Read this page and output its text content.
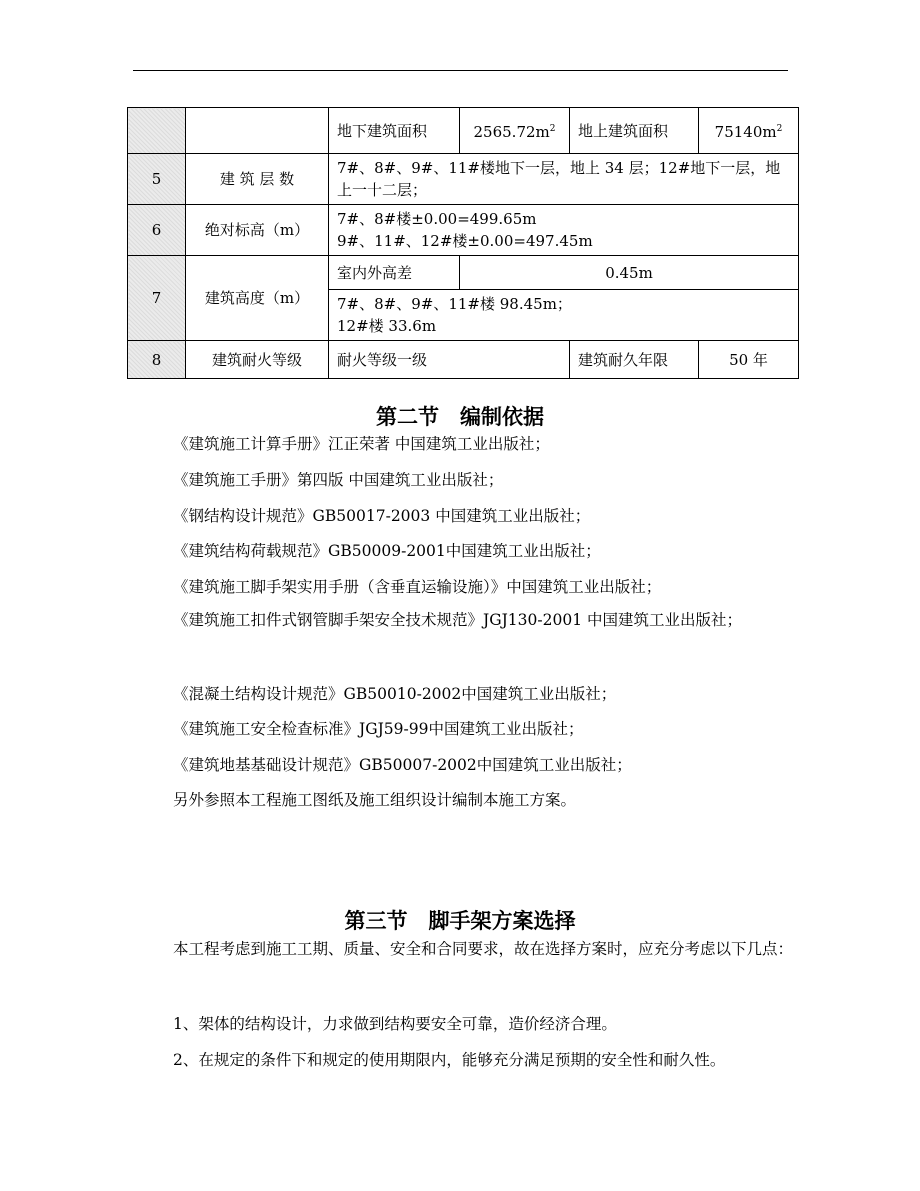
		地下建筑面积	$2565.72m^2$	地上建筑面积	$75140m^2$
5	建 筑 层 数	7#、8#、9#、11#楼地下一层，地上 34 层；12#地下一层，地上一十二层；			
6	绝对标高（m）	7#、8#楼±0.00=499.65m
9#、11#、12#楼±0.00=497.45m			

7	建筑高度（m）	室内外高差	0.45m		

		7#、8#、9#、11#楼 98.45m；
12#楼 33.6m			

8	建筑耐火等级	耐火等级一级		建筑耐久年限	50 年
第二节　编制依据
《建筑施工计算手册》江正荣著 中国建筑工业出版社；
《建筑施工手册》第四版 中国建筑工业出版社；
《钢结构设计规范》GB50017-2003 中国建筑工业出版社；
《建筑结构荷载规范》GB50009-2001中国建筑工业出版社；
《建筑施工脚手架实用手册（含垂直运输设施）》中国建筑工业出版社；
《建筑施工扣件式钢管脚手架安全技术规范》JGJ130-2001 中国建筑工业出版社；
《混凝土结构设计规范》GB50010-2002中国建筑工业出版社；
《建筑施工安全检查标准》JGJ59-99中国建筑工业出版社；
《建筑地基基础设计规范》GB50007-2002中国建筑工业出版社；
另外参照本工程施工图纸及施工组织设计编制本施工方案。
第三节　脚手架方案选择
本工程考虑到施工工期、质量、安全和合同要求，故在选择方案时，应充分考虑以下几点：
1、架体的结构设计，力求做到结构要安全可靠，造价经济合理。
2、在规定的条件下和规定的使用期限内，能够充分满足预期的安全性和耐久性。
